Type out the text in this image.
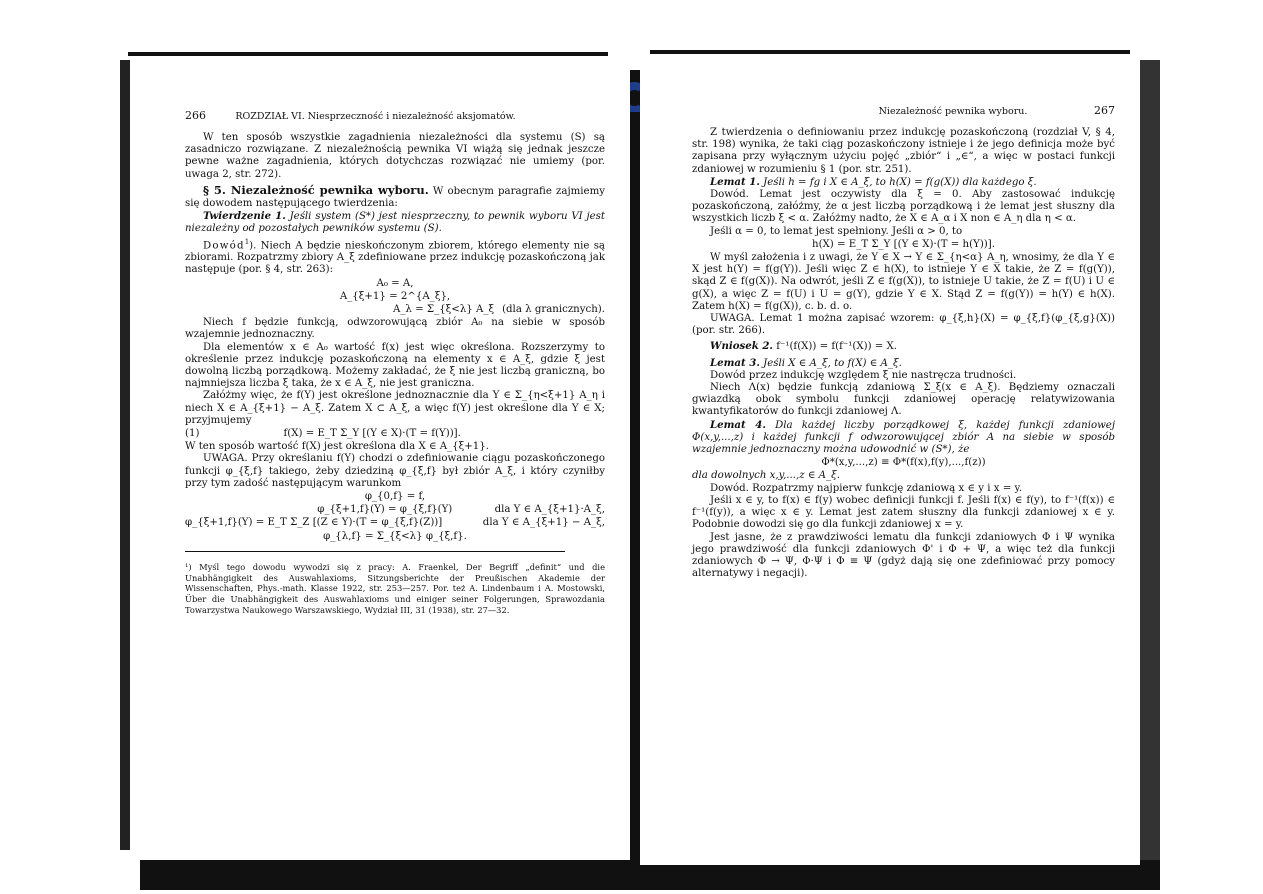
266	ROZDZIAŁ VI. Niesprzeczność i niezależność aksjomatów.

W ten sposób wszystkie zagadnienia niezależności dla systemu (S) są zasadniczo rozwiązane. Z niezależnością pewnika VI wiążą się jednak jeszcze pewne ważne zagadnienia, których dotychczas rozwiązać nie umiemy (por. uwaga 2, str. 272).

§ 5. Niezależność pewnika wyboru. W obecnym paragrafie zajmiemy się dowodem następującego twierdzenia:

Twierdzenie 1. Jeśli system (S*) jest niesprzeczny, to pewnik wyboru VI jest niezależny od pozostałych pewników systemu (S).

Dowód$^1$). Niech A będzie nieskończonym zbiorem, którego elementy nie są zbiorami. Rozpatrzmy zbiory A_ξ zdefiniowane przez indukcję pozaskończoną jak następuje (por. § 4, str. 263):

A₀ = A,
A_{ξ+1} = 2^{A_ξ},
A_λ = Σ_{ξ<λ} A_ξ (dla λ granicznych).

Niech f będzie funkcją, odwzorowującą zbiór A₀ na siebie w sposób wzajemnie jednoznaczny.

Dla elementów x ∈ A₀ wartość f(x) jest więc określona. Rozszerzymy to określenie przez indukcję pozaskończoną na elementy x ∈ A_ξ, gdzie ξ jest dowolną liczbą porządkową. Możemy zakładać, że ξ nie jest liczbą graniczną, bo najmniejsza liczba ξ taka, że x ∈ A_ξ, nie jest graniczna.

Załóżmy więc, że f(Y) jest określone jednoznacznie dla Y ∈ Σ_{η<ξ+1} A_η i niech X ∈ A_{ξ+1} − A_ξ. Zatem X ⊂ A_ξ, a więc f(Y) jest określone dla Y ∈ X; przyjmujemy

(1)	f(X) = E_T Σ_Y [(Y ∈ X)·(T = f(Y))].

W ten sposób wartość f(X) jest określona dla X ∈ A_{ξ+1}.

UWAGA. Przy określaniu f(Y) chodzi o zdefiniowanie ciągu pozaskończonego funkcji φ_{ξ,f} takiego, żeby dziedziną φ_{ξ,f} był zbiór A_ξ, i który czyniłby przy tym zadość następującym warunkom

φ_{0,f} = f,
φ_{ξ+1,f}(Y) = φ_{ξ,f}(Y)	dla Y ∈ A_{ξ+1}·A_ξ,
φ_{ξ+1,f}(Y) = E_T Σ_Z [(Z ∈ Y)·(T = φ_{ξ,f}(Z))]	dla Y ∈ A_{ξ+1} − A_ξ,
φ_{λ,f} = Σ_{ξ<λ} φ_{ξ,f}.

¹) Myśl tego dowodu wywodzi się z pracy: A. Fraenkel, Der Begriff „definit“ und die Unabhängigkeit des Auswahlaxioms, Sitzungsberichte der Preußischen Akademie der Wissenschaften, Phys.-math. Klasse 1922, str. 253—257. Por. też A. Lindenbaum i A. Mostowski, Über die Unabhängigkeit des Auswahlaxioms und einiger seiner Folgerungen, Sprawozdania Towarzystwa Naukowego Warszawskiego, Wydział III, 31 (1938), str. 27—32.

Niezależność pewnika wyboru.	267

Z twierdzenia o definiowaniu przez indukcję pozaskończoną (rozdział V, § 4, str. 198) wynika, że taki ciąg pozaskończony istnieje i że jego definicja może być zapisana przy wyłącznym użyciu pojęć „zbiór“ i „∈“, a więc w postaci funkcji zdaniowej w rozumieniu § 1 (por. str. 251).

Lemat 1. Jeśli h = fg i X ∈ A_ξ, to h(X) = f(g(X)) dla każdego ξ.

Dowód. Lemat jest oczywisty dla ξ = 0. Aby zastosować indukcję pozaskończoną, załóżmy, że α jest liczbą porządkową i że lemat jest słuszny dla wszystkich liczb ξ < α. Załóżmy nadto, że X ∈ A_α i X non ∈ A_η dla η < α.

Jeśli α = 0, to lemat jest spełniony. Jeśli α > 0, to

h(X) = E_T Σ_Y [(Y ∈ X)·(T = h(Y))].

W myśl założenia i z uwagi, że Y ∈ X → Y ∈ Σ_{η<α} A_η, wnosimy, że dla Y ∈ X jest h(Y) = f(g(Y)). Jeśli więc Z ∈ h(X), to istnieje Y ∈ X takie, że Z = f(g(Y)), skąd Z ∈ f(g(X)). Na odwrót, jeśli Z ∈ f(g(X)), to istnieje U takie, że Z = f(U) i U ∈ g(X), a więc Z = f(U) i U = g(Y), gdzie Y ∈ X. Stąd Z = f(g(Y)) = h(Y) ∈ h(X). Zatem h(X) = f(g(X)), c. b. d. o.

UWAGA. Lemat 1 można zapisać wzorem: φ_{ξ,h}(X) = φ_{ξ,f}(φ_{ξ,g}(X)) (por. str. 266).

Wniosek 2. f⁻¹(f(X)) = f(f⁻¹(X)) = X.

Lemat 3. Jeśli X ∈ A_ξ, to f(X) ∈ A_ξ.

Dowód przez indukcję względem ξ nie nastręcza trudności.

Niech Λ(x) będzie funkcją zdaniową Σ_ξ(x ∈ A_ξ). Będziemy oznaczali gwiazdką obok symbolu funkcji zdaniowej operację relatywizowania kwantyfikatorów do funkcji zdaniowej Λ.

Lemat 4. Dla każdej liczby porządkowej ξ, każdej funkcji zdaniowej Φ(x,y,...,z) i każdej funkcji f odwzorowującej zbiór A na siebie w sposób wzajemnie jednoznaczny można udowodnić w (S*), że

Φ*(x,y,...,z) ≡ Φ*(f(x),f(y),...,f(z))

dla dowolnych x,y,...,z ∈ A_ξ.

Dowód. Rozpatrzmy najpierw funkcję zdaniową x ∈ y i x = y.

Jeśli x ∈ y, to f(x) ∈ f(y) wobec definicji funkcji f. Jeśli f(x) ∈ f(y), to f⁻¹(f(x)) ∈ f⁻¹(f(y)), a więc x ∈ y. Lemat jest zatem słuszny dla funkcji zdaniowej x ∈ y. Podobnie dowodzi się go dla funkcji zdaniowej x = y.

Jest jasne, że z prawdziwości lematu dla funkcji zdaniowych Φ i Ψ wynika jego prawdziwość dla funkcji zdaniowych Φ' i Φ + Ψ, a więc też dla funkcji zdaniowych Φ → Ψ, Φ·Ψ i Φ ≡ Ψ (gdyż dają się one zdefiniować przy pomocy alternatywy i negacji).
